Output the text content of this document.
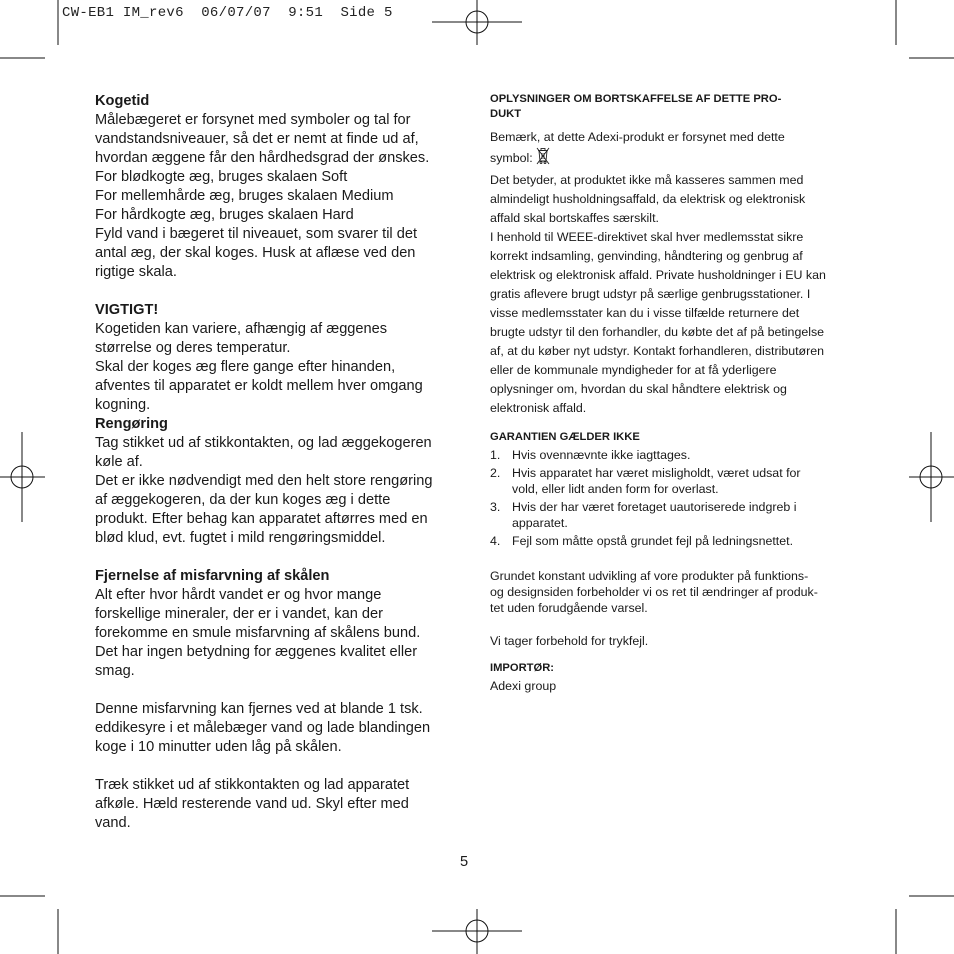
CW-EB1 IM_rev6  06/07/07  9:51  Side 5

Kogetid

Målebægeret er forsynet med symboler og tal for

vandstandsniveauer, så det er nemt at finde ud af,

hvordan æggene får den hårdhedsgrad der ønskes.

For blødkogte æg, bruges skalaen Soft

For mellemhårde æg, bruges skalaen Medium

For hårdkogte æg, bruges skalaen Hard

Fyld vand i bægeret til niveauet, som svarer til det

antal æg, der skal koges. Husk at aflæse ved den

rigtige skala.

VIGTIGT!

Kogetiden kan variere, afhængig af æggenes

størrelse og deres temperatur.

Skal der koges æg flere gange efter hinanden,

afventes til apparatet er koldt mellem hver omgang

kogning.

Rengøring

Tag stikket ud af stikkontakten, og lad æggekogeren

køle af.

Det er ikke nødvendigt med den helt store rengøring

af æggekogeren, da der kun koges æg i dette

produkt. Efter behag kan apparatet aftørres med en

blød klud, evt. fugtet i mild rengøringsmiddel.

Fjernelse af misfarvning af skålen

Alt efter hvor hårdt vandet er og hvor mange

forskellige mineraler, der er i vandet, kan der

forekomme en smule misfarvning af skålens bund.

Det har ingen betydning for æggenes kvalitet eller

smag.

Denne misfarvning kan fjernes ved at blande 1 tsk.

eddikesyre i et målebæger vand og lade blandingen

koge i 10 minutter uden låg på skålen.

Træk stikket ud af stikkontakten og lad apparatet

afkøle. Hæld resterende vand ud. Skyl efter med

vand.

OPLYSNINGER OM BORTSKAFFELSE AF DETTE PRO-
DUKT

Bemærk, at dette Adexi-produkt er forsynet med dette

symbol:

Det betyder, at produktet ikke må kasseres sammen med

almindeligt husholdningsaffald, da elektrisk og elektronisk

affald skal bortskaffes særskilt.

I henhold til WEEE-direktivet skal hver medlemsstat sikre

korrekt indsamling, genvinding, håndtering og genbrug af

elektrisk og elektronisk affald. Private husholdninger i EU kan

gratis aflevere brugt udstyr på særlige genbrugsstationer. I

visse medlemsstater kan du i visse tilfælde returnere det

brugte udstyr til den forhandler, du købte det af på betingelse

af, at du køber nyt udstyr. Kontakt forhandleren, distributøren

eller de kommunale myndigheder for at få yderligere

oplysninger om, hvordan du skal håndtere elektrisk og

elektronisk affald.

GARANTIEN GÆLDER IKKE
1. Hvis ovennævnte ikke iagttages.
2. Hvis apparatet har været misligholdt, været udsat for
vold, eller lidt anden form for overlast.
3. Hvis der har været foretaget uautoriserede indgreb i
apparatet.
4. Fejl som måtte opstå grundet fejl på ledningsnettet.

Grundet konstant udvikling af vore produkter på funktions-

og designsiden forbeholder vi os ret til ændringer af produk-

tet uden forudgående varsel.

Vi tager forbehold for trykfejl.

IMPORTØR:

Adexi group

5
